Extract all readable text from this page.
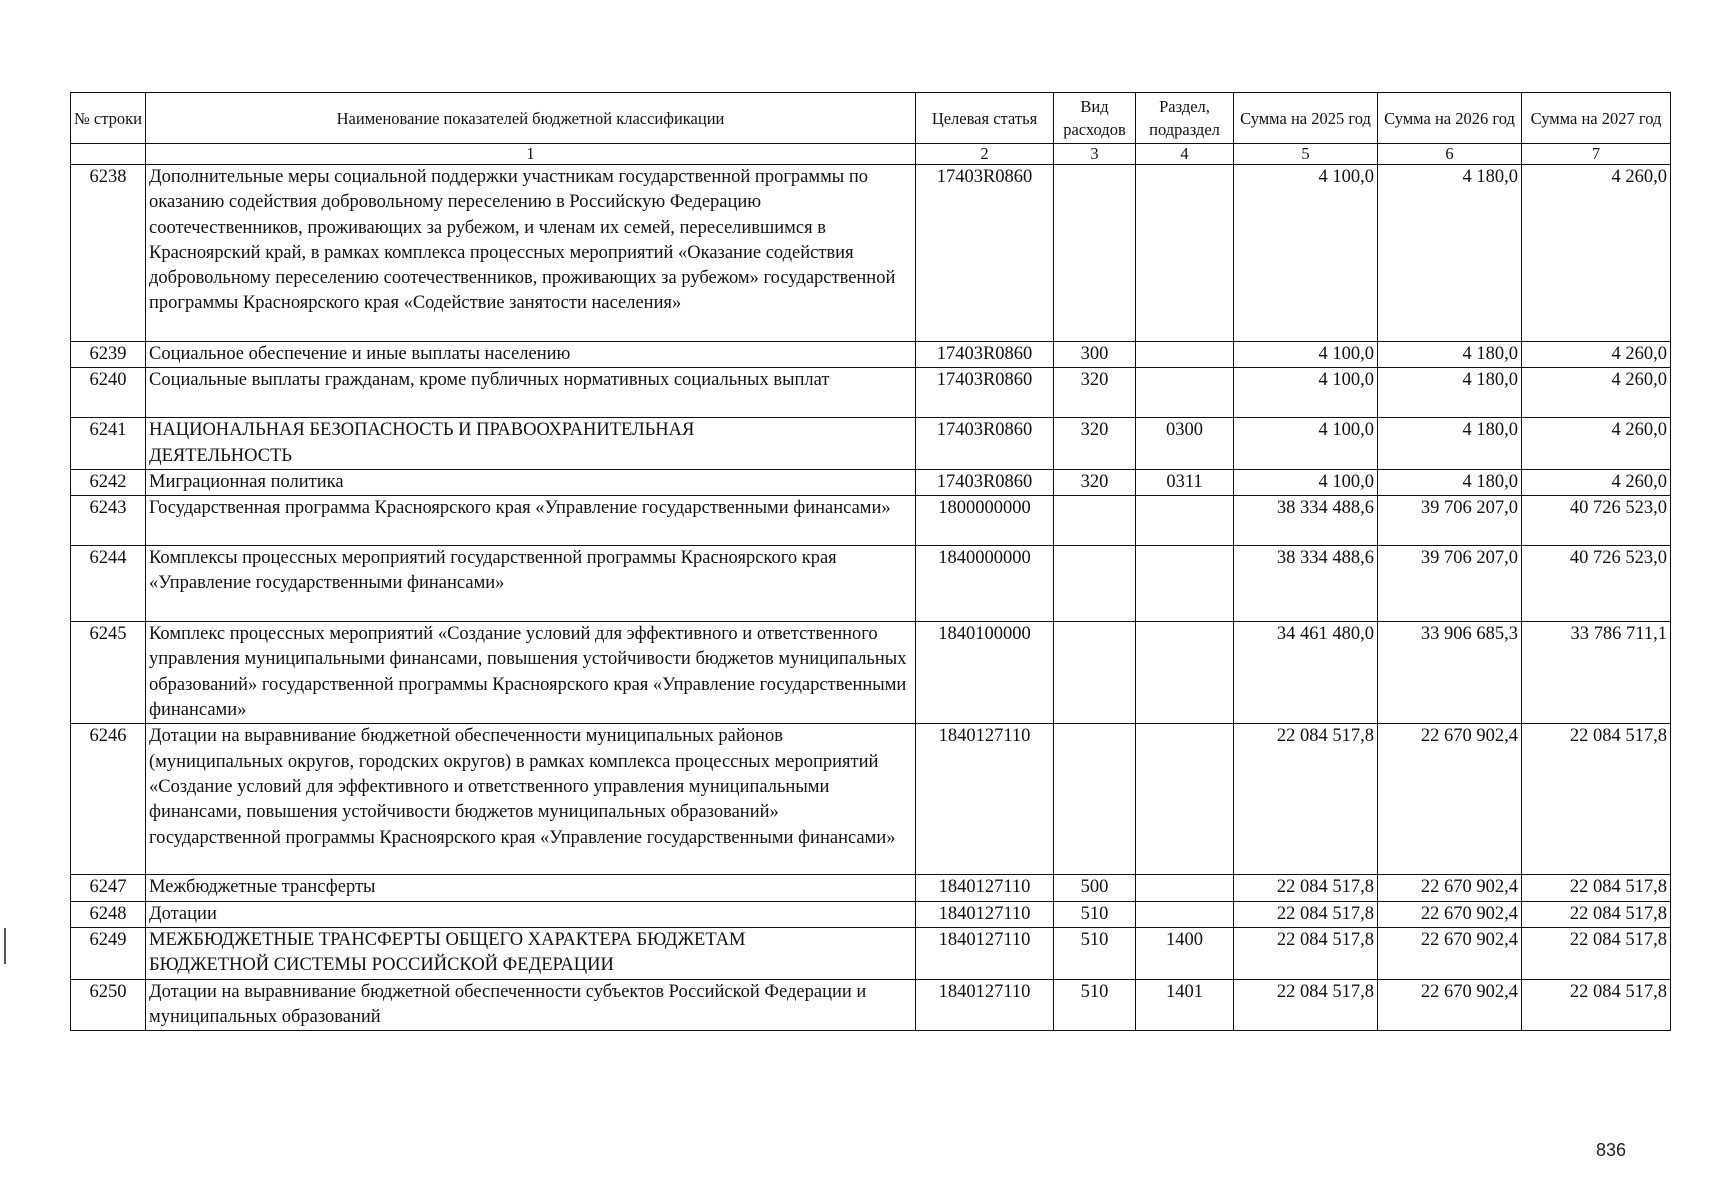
№ строки	Наименование показателей бюджетной классификации	Целевая статья	Вид расходов	Раздел, подраздел	Сумма на 2025 год	Сумма на 2026 год	Сумма на 2027 год
	1	2	3	4	5	6	7
6238	Дополнительные меры социальной поддержки участникам государственной программы по оказанию содействия добровольному переселению в Российскую Федерацию соотечественников, проживающих за рубежом, и членам их семей, переселившимся в Красноярский край, в рамках комплекса процессных мероприятий «Оказание содействия добровольному переселению соотечественников, проживающих за рубежом» государственной программы Красноярского края «Содействие занятости населения»	17403R0860			4 100,0	4 180,0	4 260,0
6239	Социальное обеспечение и иные выплаты населению	17403R0860	300		4 100,0	4 180,0	4 260,0
6240	Социальные выплаты гражданам, кроме публичных нормативных социальных выплат	17403R0860	320		4 100,0	4 180,0	4 260,0
6241	НАЦИОНАЛЬНАЯ БЕЗОПАСНОСТЬ И ПРАВООХРАНИТЕЛЬНАЯ ДЕЯТЕЛЬНОСТЬ	17403R0860	320	0300	4 100,0	4 180,0	4 260,0
6242	Миграционная политика	17403R0860	320	0311	4 100,0	4 180,0	4 260,0
6243	Государственная программа Красноярского края «Управление государственными финансами»	1800000000			38 334 488,6	39 706 207,0	40 726 523,0
6244	Комплексы процессных мероприятий государственной программы Красноярского края «Управление государственными финансами»	1840000000			38 334 488,6	39 706 207,0	40 726 523,0
6245	Комплекс процессных мероприятий «Создание условий для эффективного и ответственного управления муниципальными финансами, повышения устойчивости бюджетов муниципальных образований» государственной программы Красноярского края «Управление государственными финансами»	1840100000			34 461 480,0	33 906 685,3	33 786 711,1
6246	Дотации на выравнивание бюджетной обеспеченности муниципальных районов (муниципальных округов, городских округов) в рамках комплекса процессных мероприятий «Создание условий для эффективного и ответственного управления муниципальными финансами, повышения устойчивости бюджетов муниципальных образований» государственной программы Красноярского края «Управление государственными финансами»	1840127110			22 084 517,8	22 670 902,4	22 084 517,8
6247	Межбюджетные трансферты	1840127110	500		22 084 517,8	22 670 902,4	22 084 517,8
6248	Дотации	1840127110	510		22 084 517,8	22 670 902,4	22 084 517,8
6249	МЕЖБЮДЖЕТНЫЕ ТРАНСФЕРТЫ ОБЩЕГО ХАРАКТЕРА БЮДЖЕТАМ БЮДЖЕТНОЙ СИСТЕМЫ РОССИЙСКОЙ ФЕДЕРАЦИИ	1840127110	510	1400	22 084 517,8	22 670 902,4	22 084 517,8
6250	Дотации на выравнивание бюджетной обеспеченности субъектов Российской Федерации и муниципальных образований	1840127110	510	1401	22 084 517,8	22 670 902,4	22 084 517,8
836
